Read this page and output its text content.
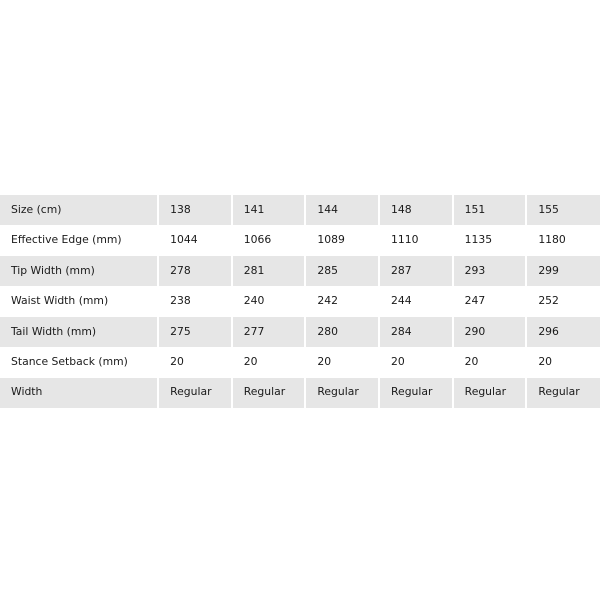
Size (cm)	138	141	144	148	151	155
Effective Edge (mm)	1044	1066	1089	1110	1135	1180
Tip Width (mm)	278	281	285	287	293	299
Waist Width (mm)	238	240	242	244	247	252
Tail Width (mm)	275	277	280	284	290	296
Stance Setback (mm)	20	20	20	20	20	20
Width	Regular	Regular	Regular	Regular	Regular	Regular
